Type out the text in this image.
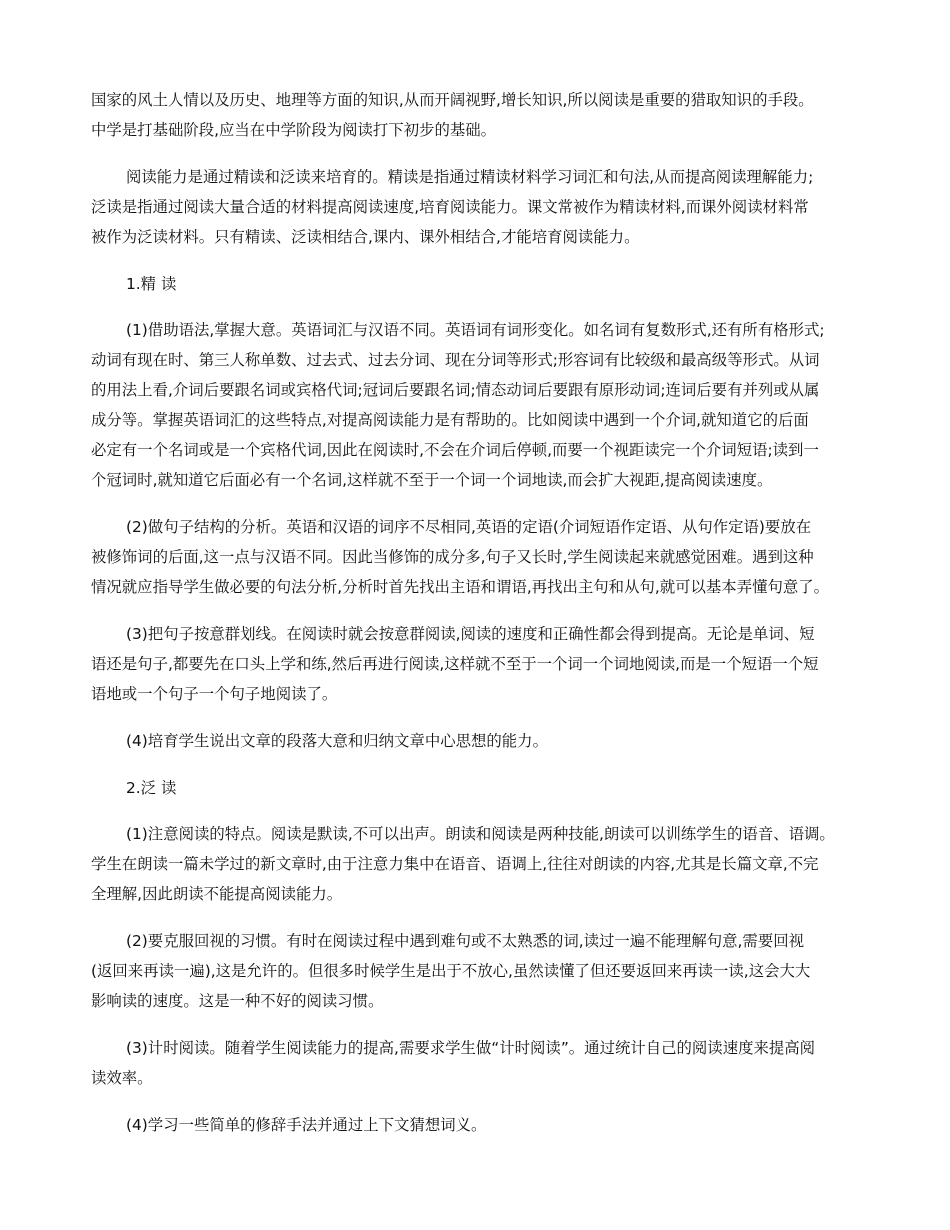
国家的风土人情以及历史、地理等方面的知识,从而开阔视野,增长知识,所以阅读是重要的猎取知识的手段。
中学是打基础阶段,应当在中学阶段为阅读打下初步的基础。
阅读能力是通过精读和泛读来培育的。精读是指通过精读材料学习词汇和句法,从而提高阅读理解能力;
泛读是指通过阅读大量合适的材料提高阅读速度,培育阅读能力。课文常被作为精读材料,而课外阅读材料常
被作为泛读材料。只有精读、泛读相结合,课内、课外相结合,才能培育阅读能力。
1.精 读
(1)借助语法,掌握大意。英语词汇与汉语不同。英语词有词形变化。如名词有复数形式,还有所有格形式;
动词有现在时、第三人称单数、过去式、过去分词、现在分词等形式;形容词有比较级和最高级等形式。从词
的用法上看,介词后要跟名词或宾格代词;冠词后要跟名词;情态动词后要跟有原形动词;连词后要有并列或从属
成分等。掌握英语词汇的这些特点,对提高阅读能力是有帮助的。比如阅读中遇到一个介词,就知道它的后面
必定有一个名词或是一个宾格代词,因此在阅读时,不会在介词后停顿,而要一个视距读完一个介词短语;读到一
个冠词时,就知道它后面必有一个名词,这样就不至于一个词一个词地读,而会扩大视距,提高阅读速度。
(2)做句子结构的分析。英语和汉语的词序不尽相同,英语的定语(介词短语作定语、从句作定语)要放在
被修饰词的后面,这一点与汉语不同。因此当修饰的成分多,句子又长时,学生阅读起来就感觉困难。遇到这种
情况就应指导学生做必要的句法分析,分析时首先找出主语和谓语,再找出主句和从句,就可以基本弄懂句意了。
(3)把句子按意群划线。在阅读时就会按意群阅读,阅读的速度和正确性都会得到提高。无论是单词、短
语还是句子,都要先在口头上学和练,然后再进行阅读,这样就不至于一个词一个词地阅读,而是一个短语一个短
语地或一个句子一个句子地阅读了。
(4)培育学生说出文章的段落大意和归纳文章中心思想的能力。
2.泛 读
(1)注意阅读的特点。阅读是默读,不可以出声。朗读和阅读是两种技能,朗读可以训练学生的语音、语调。
学生在朗读一篇未学过的新文章时,由于注意力集中在语音、语调上,往往对朗读的内容,尤其是长篇文章,不完
全理解,因此朗读不能提高阅读能力。
(2)要克服回视的习惯。有时在阅读过程中遇到难句或不太熟悉的词,读过一遍不能理解句意,需要回视
(返回来再读一遍),这是允许的。但很多时候学生是出于不放心,虽然读懂了但还要返回来再读一读,这会大大
影响读的速度。这是一种不好的阅读习惯。
(3)计时阅读。随着学生阅读能力的提高,需要求学生做“计时阅读”。通过统计自己的阅读速度来提高阅
读效率。
(4)学习一些简单的修辞手法并通过上下文猜想词义。
